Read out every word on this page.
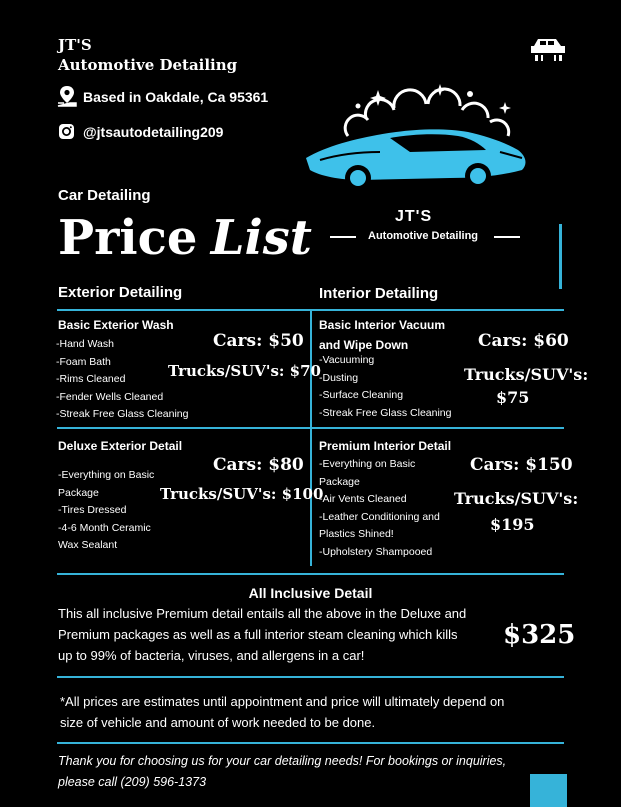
JT'S
Automotive Detailing
Based in Oakdale, Ca 95361
@jtsautodetailing209
Car Detailing
Price List	JT'S
Automotive Detailing
Exterior Detailing	Interior Detailing
Basic Exterior Wash
-Hand Wash
-Foam Bath
-Rims Cleaned
-Fender Wells Cleaned
-Streak Free Glass Cleaning
Cars: $50
Trucks/SUV's: $70
Basic Interior Vacuum
and Wipe Down
-Vacuuming
-Dusting
-Surface Cleaning
-Streak Free Glass Cleaning
Cars: $60
Trucks/SUV's:
$75
Deluxe Exterior Detail
-Everything on Basic
Package
-Tires Dressed
-4-6 Month Ceramic
Wax Sealant
Cars: $80
Trucks/SUV's: $100
Premium Interior Detail
-Everything on Basic
Package
-Air Vents Cleaned
-Leather Conditioning and
Plastics Shined!
-Upholstery Shampooed
Cars: $150
Trucks/SUV's:
$195
All Inclusive Detail
This all inclusive Premium detail entails all the above in the Deluxe and
Premium packages as well as a full interior steam cleaning which kills
up to 99% of bacteria, viruses, and allergens in a car!
$325
*All prices are estimates until appointment and price will ultimately depend on
size of vehicle and amount of work needed to be done.
Thank you for choosing us for your car detailing needs! For bookings or inquiries,
please call (209) 596-1373
